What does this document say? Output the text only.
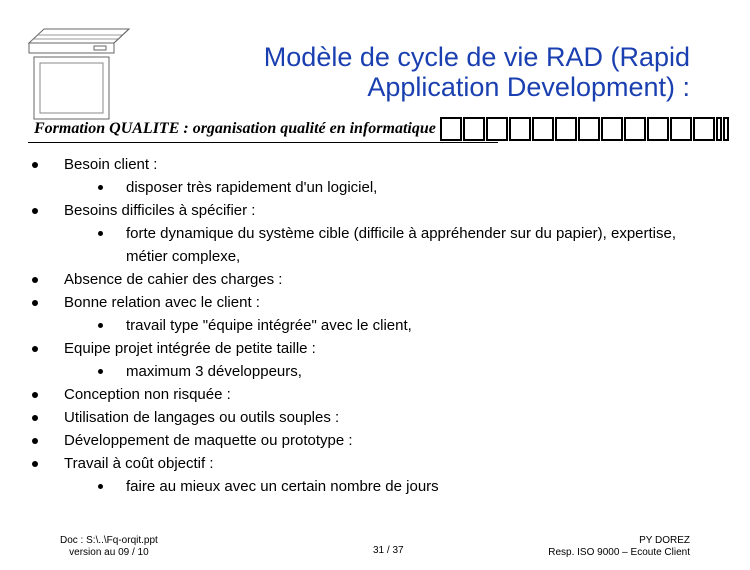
Modèle de cycle de vie RAD (Rapid
Application Development) :
Formation QUALITE : organisation qualité en informatique
Besoin client :
disposer très rapidement d'un logiciel,
Besoins difficiles à spécifier :
forte dynamique du système cible (difficile à appréhender sur du papier), expertise,
métier complexe,
Absence de cahier des charges :
Bonne relation avec le client :
travail type "équipe intégrée" avec le client,
Equipe projet intégrée de petite taille :
maximum 3 développeurs,
Conception non risquée :
Utilisation de langages ou outils souples :
Développement de maquette ou prototype :
Travail à coût objectif :
faire au mieux avec un certain nombre de jours
Doc : S:\..\Fq-orqit.ppt
version au 09 / 10	31 / 37
PY DOREZ
Resp. ISO 9000 – Ecoute Client
